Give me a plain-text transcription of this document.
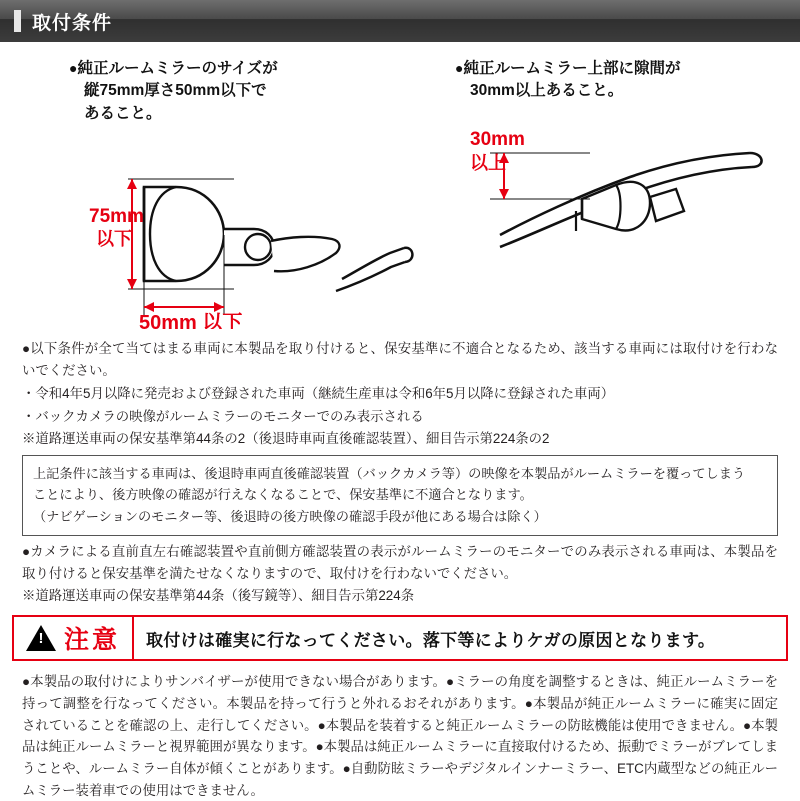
取付条件
●純正ルームミラーのサイズが
縦75mm厚さ50mm以下で
あること。
75mm
以下
50mm 以下
●純正ルームミラー上部に隙間が
30mm以上あること。
30mm
以上

●以下条件が全て当てはまる車両に本製品を取り付けると、保安基準に不適合となるため、該当する車両には取付けを行わないでください。

・令和4年5月以降に発売および登録された車両（継続生産車は令和6年5月以降に登録された車両）

・バックカメラの映像がルームミラーのモニターでのみ表示される

※道路運送車両の保安基準第44条の2（後退時車両直後確認装置）、細目告示第224条の2

上記条件に該当する車両は、後退時車両直後確認装置（バックカメラ等）の映像を本製品がルームミラーを覆ってしまう

ことにより、後方映像の確認が行えなくなることで、保安基準に不適合となります。

（ナビゲーションのモニター等、後退時の後方映像の確認手段が他にある場合は除く）

●カメラによる直前直左右確認装置や直前側方確認装置の表示がルームミラーのモニターでのみ表示される車両は、本製品を取り付けると保安基準を満たせなくなりますので、取付けを行わないでください。

※道路運送車両の保安基準第44条（後写鏡等）、細目告示第224条

!
注意	取付けは確実に行なってください。落下等によりケガの原因となります。

●本製品の取付けによりサンバイザーが使用できない場合があります。●ミラーの角度を調整するときは、純正ルームミラーを持って調整を行なってください。本製品を持って行うと外れるおそれがあります。●本製品が純正ルームミラーに確実に固定されていることを確認の上、走行してください。●本製品を装着すると純正ルームミラーの防眩機能は使用できません。●本製品は純正ルームミラーと視界範囲が異なります。●本製品は純正ルームミラーに直接取付けるため、振動でミラーがブレてしまうことや、ルームミラー自体が傾くことがあります。●自動防眩ミラーやデジタルインナーミラー、ETC内蔵型などの純正ルームミラー装着車での使用はできません。
